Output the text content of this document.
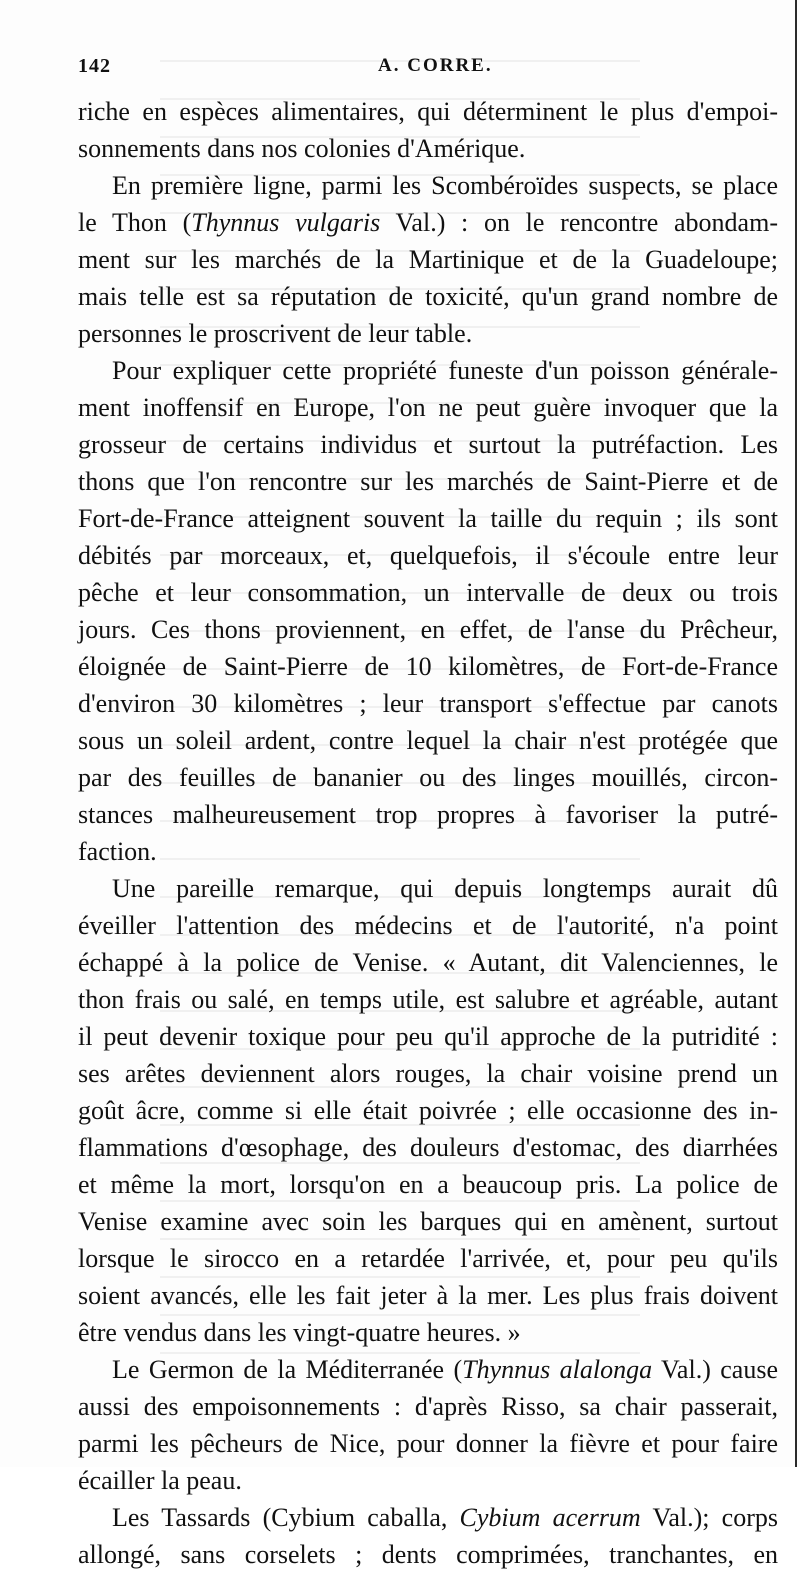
142	A. CORRE.
riche en espèces alimentaires, qui déterminent le plus d'empoi-
sonnements dans nos colonies d'Amérique.
En première ligne, parmi les Scombéroïdes suspects, se place
le Thon (Thynnus vulgaris Val.) : on le rencontre abondam-
ment sur les marchés de la Martinique et de la Guadeloupe;
mais telle est sa réputation de toxicité, qu'un grand nombre de
personnes le proscrivent de leur table.
Pour expliquer cette propriété funeste d'un poisson générale-
ment inoffensif en Europe, l'on ne peut guère invoquer que la
grosseur de certains individus et surtout la putréfaction. Les
thons que l'on rencontre sur les marchés de Saint-Pierre et de
Fort-de-France atteignent souvent la taille du requin ; ils sont
débités par morceaux, et, quelquefois, il s'écoule entre leur
pêche et leur consommation, un intervalle de deux ou trois
jours. Ces thons proviennent, en effet, de l'anse du Prêcheur,
éloignée de Saint-Pierre de 10 kilomètres, de Fort-de-France
d'environ 30 kilomètres ; leur transport s'effectue par canots
sous un soleil ardent, contre lequel la chair n'est protégée que
par des feuilles de bananier ou des linges mouillés, circon-
stances malheureusement trop propres à favoriser la putré-
faction.
Une pareille remarque, qui depuis longtemps aurait dû
éveiller l'attention des médecins et de l'autorité, n'a point
échappé à la police de Venise. « Autant, dit Valenciennes, le
thon frais ou salé, en temps utile, est salubre et agréable, autant
il peut devenir toxique pour peu qu'il approche de la putridité :
ses arêtes deviennent alors rouges, la chair voisine prend un
goût âcre, comme si elle était poivrée ; elle occasionne des in-
flammations d'œsophage, des douleurs d'estomac, des diarrhées
et même la mort, lorsqu'on en a beaucoup pris. La police de
Venise examine avec soin les barques qui en amènent, surtout
lorsque le sirocco en a retardée l'arrivée, et, pour peu qu'ils
soient avancés, elle les fait jeter à la mer. Les plus frais doivent
être vendus dans les vingt-quatre heures. »
Le Germon de la Méditerranée (Thynnus alalonga Val.) cause
aussi des empoisonnements : d'après Risso, sa chair passerait,
parmi les pêcheurs de Nice, pour donner la fièvre et pour faire
écailler la peau.
Les Tassards (Cybium caballa, Cybium acerrum Val.); corps
allongé, sans corselets ; dents comprimées, tranchantes, en
